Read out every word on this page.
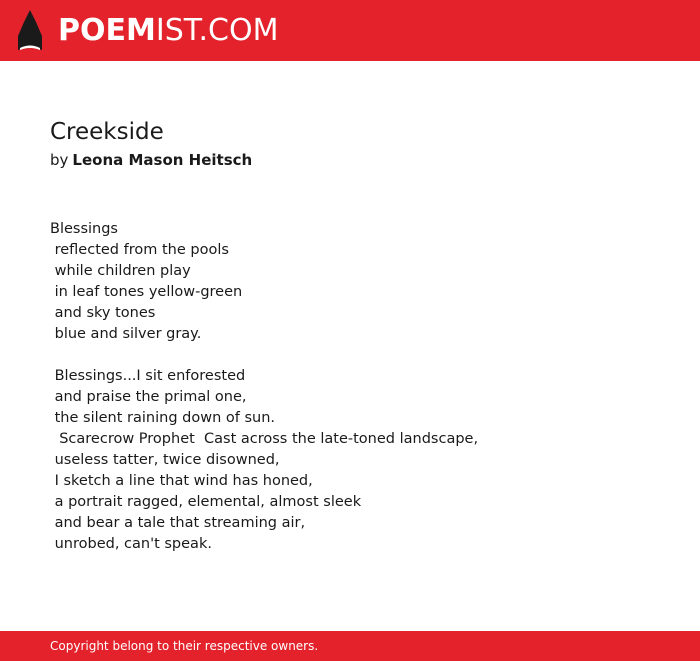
POEMIST.COM
Creekside
by Leona Mason Heitsch
Blessings
reflected from the pools
while children play
in leaf tones yellow-green
and sky tones
blue and silver gray.
Blessings...I sit enforested
and praise the primal one,
the silent raining down of sun.
Scarecrow Prophet  Cast across the late-toned landscape,
useless tatter, twice disowned,
I sketch a line that wind has honed,
a portrait ragged, elemental, almost sleek
and bear a tale that streaming air,
unrobed, can't speak.
Copyright belong to their respective owners.
